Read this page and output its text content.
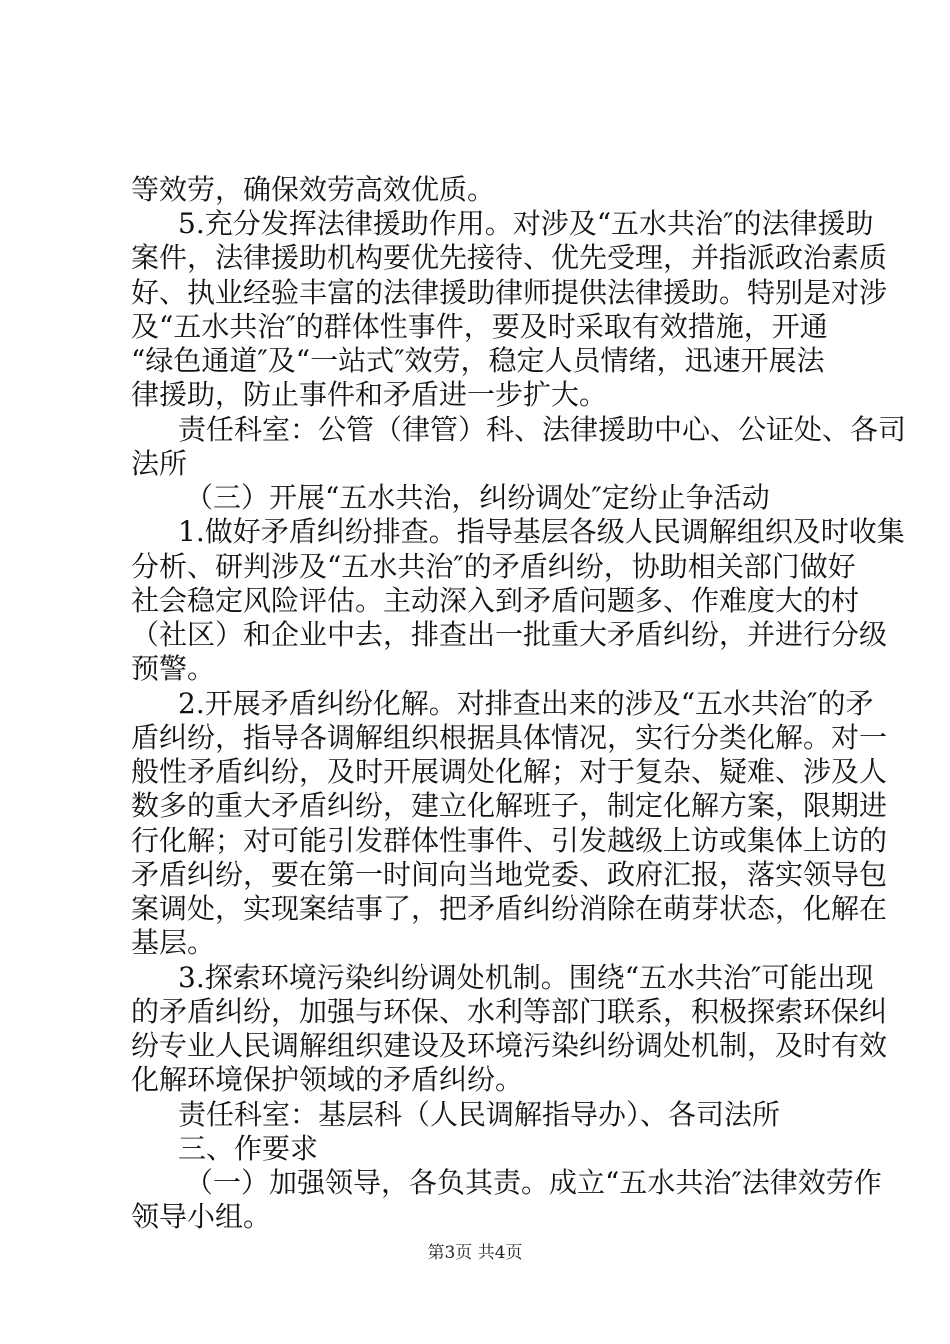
等效劳，确保效劳高效优质。

5.充分发挥法律援助作用。对涉及“五水共治″的法律援助

案件，法律援助机构要优先接待、优先受理，并指派政治素质

好、执业经验丰富的法律援助律师提供法律援助。特别是对涉

及“五水共治″的群体性事件，要及时采取有效措施，开通

“绿色通道″及“一站式″效劳，稳定人员情绪，迅速开展法

律援助，防止事件和矛盾进一步扩大。

责任科室：公管（律管）科、法律援助中心、公证处、各司

法所

（三）开展“五水共治，纠纷调处″定纷止争活动

1.做好矛盾纠纷排查。指导基层各级人民调解组织及时收集

分析、研判涉及“五水共治″的矛盾纠纷，协助相关部门做好

社会稳定风险评估。主动深入到矛盾问题多、作难度大的村

（社区）和企业中去，排查出一批重大矛盾纠纷，并进行分级

预警。

2.开展矛盾纠纷化解。对排查出来的涉及“五水共治″的矛

盾纠纷，指导各调解组织根据具体情况，实行分类化解。对一

般性矛盾纠纷，及时开展调处化解；对于复杂、疑难、涉及人

数多的重大矛盾纠纷，建立化解班子，制定化解方案，限期进

行化解；对可能引发群体性事件、引发越级上访或集体上访的

矛盾纠纷，要在第一时间向当地党委、政府汇报，落实领导包

案调处，实现案结事了，把矛盾纠纷消除在萌芽状态，化解在

基层。

3.探索环境污染纠纷调处机制。围绕“五水共治″可能出现

的矛盾纠纷，加强与环保、水利等部门联系，积极探索环保纠

纷专业人民调解组织建设及环境污染纠纷调处机制，及时有效

化解环境保护领域的矛盾纠纷。

责任科室：基层科（人民调解指导办）、各司法所

三、作要求

（一）加强领导，各负其责。成立“五水共治″法律效劳作

领导小组。

第3页 共4页
